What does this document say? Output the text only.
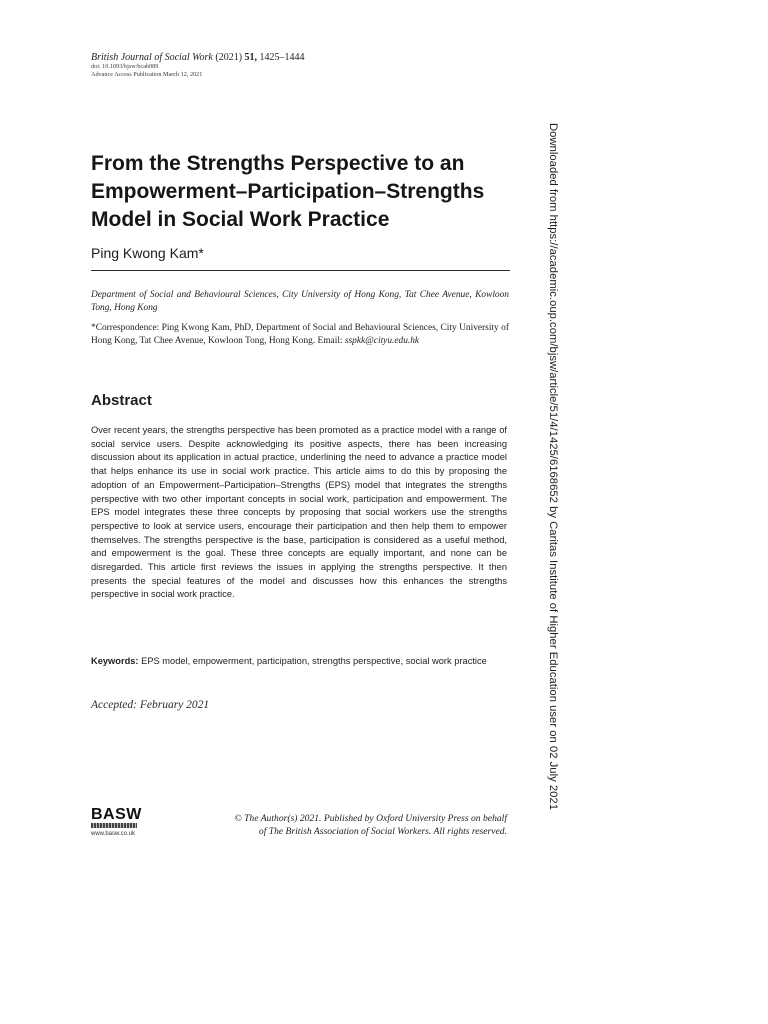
British Journal of Social Work (2021) 51, 1425–1444
doi: 10.1093/bjsw/bcab089
Advance Access Publication March 12, 2021
From the Strengths Perspective to an
Empowerment–Participation–Strengths
Model in Social Work Practice
Ping Kwong Kam*
Department of Social and Behavioural Sciences, City University of Hong Kong, Tat Chee Avenue, Kowloon Tong, Hong Kong
*Correspondence: Ping Kwong Kam, PhD, Department of Social and Behavioural Sciences, City University of Hong Kong, Tat Chee Avenue, Kowloon Tong, Hong Kong. Email: sspkk@cityu.edu.hk
Abstract
Over recent years, the strengths perspective has been promoted as a practice model with a range of social service users. Despite acknowledging its positive aspects, there has been increasing discussion about its application in actual practice, underlining the need to advance a practice model that helps enhance its use in social work practice. This article aims to do this by proposing the adoption of an Empowerment–Participation–Strengths (EPS) model that integrates the strengths perspective with two other important concepts in social work, participation and empowerment. The EPS model integrates these three concepts by proposing that social workers use the strengths perspective to look at service users, encourage their participation and then help them to empower themselves. The strengths perspective is the base, participation is considered as a useful method, and empowerment is the goal. These three concepts are equally important, and none can be disregarded. This article first reviews the issues in applying the strengths perspective. It then presents the special features of the model and discusses how this enhances the strengths perspective in social work practice.
Keywords: EPS model, empowerment, participation, strengths perspective, social work practice
Accepted: February 2021
BASW
www.basw.co.uk
© The Author(s) 2021. Published by Oxford University Press on behalf
of The British Association of Social Workers. All rights reserved.
Downloaded from https://academic.oup.com/bjsw/article/51/4/1425/6168652 by Caritas Institute of Higher Education user on 02 July 2021
